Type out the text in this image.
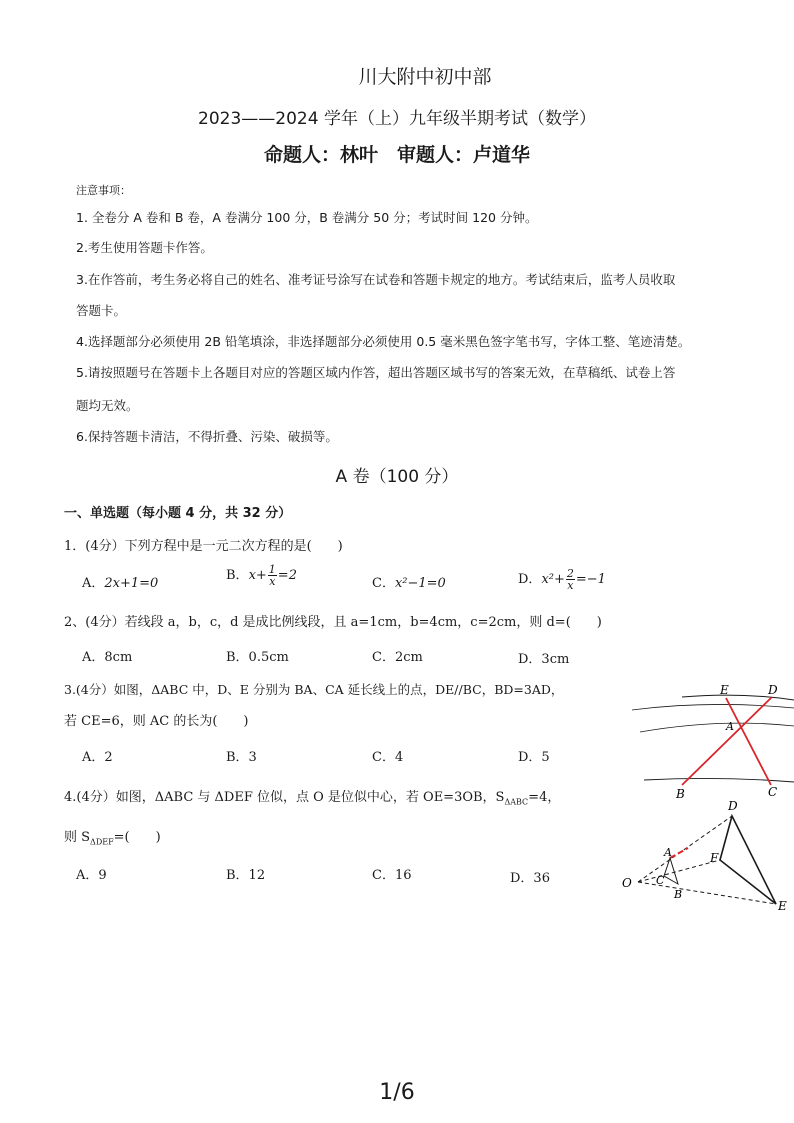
川大附中初中部
2023——2024 学年（上）九年级半期考试（数学）
命题人：林叶　审题人：卢道华
注意事项：
1. 全卷分 A 卷和 B 卷，A 卷满分 100 分，B 卷满分 50 分；考试时间 120 分钟。
2.考生使用答题卡作答。
3.在作答前，考生务必将自己的姓名、准考证号涂写在试卷和答题卡规定的地方。考试结束后，监考人员收取
答题卡。
4.选择题部分必须使用 2B 铅笔填涂，非选择题部分必须使用 0.5 毫米黑色签字笔书写，字体工整、笔迹清楚。
5.请按照题号在答题卡上各题目对应的答题区域内作答，超出答题区域书写的答案无效，在草稿纸、试卷上答
题均无效。
6.保持答题卡清洁，不得折叠、污染、破损等。
A 卷（100 分）
一、单选题（每小题 4 分，共 32 分）
1．(4分）下列方程中是一元二次方程的是(　　)
A．2x+1=0
B．$x+ \frac{1}{x} =2$
C．x²−1=0	D．$x^2+ \frac{2}{x} =-1$
2、(4分）若线段 a，b，c，d 是成比例线段，且 a=1cm，b=4cm，c=2cm，则 d=(　　)
A．8cm	B．0.5cm	C．2cm	D．3cm
3.(4分）如图，ΔABC 中，D、E 分别为 BA、CA 延长线上的点，DE//BC，BD=3AD，
若 CE=6，则 AC 的长为(　　)
A．2	B．3	C．4	D．5
E	D
A
B	C
4.(4分）如图，ΔABC 与 ΔDEF 位似，点 O 是位似中心，若 OE=3OB，$S_{\Delta ABC}=4$，
则 $S_{\Delta DEF}=$(　　)
A．9	B．12	C．16	D．36	O
A
C
B
D
F
E
1/6
